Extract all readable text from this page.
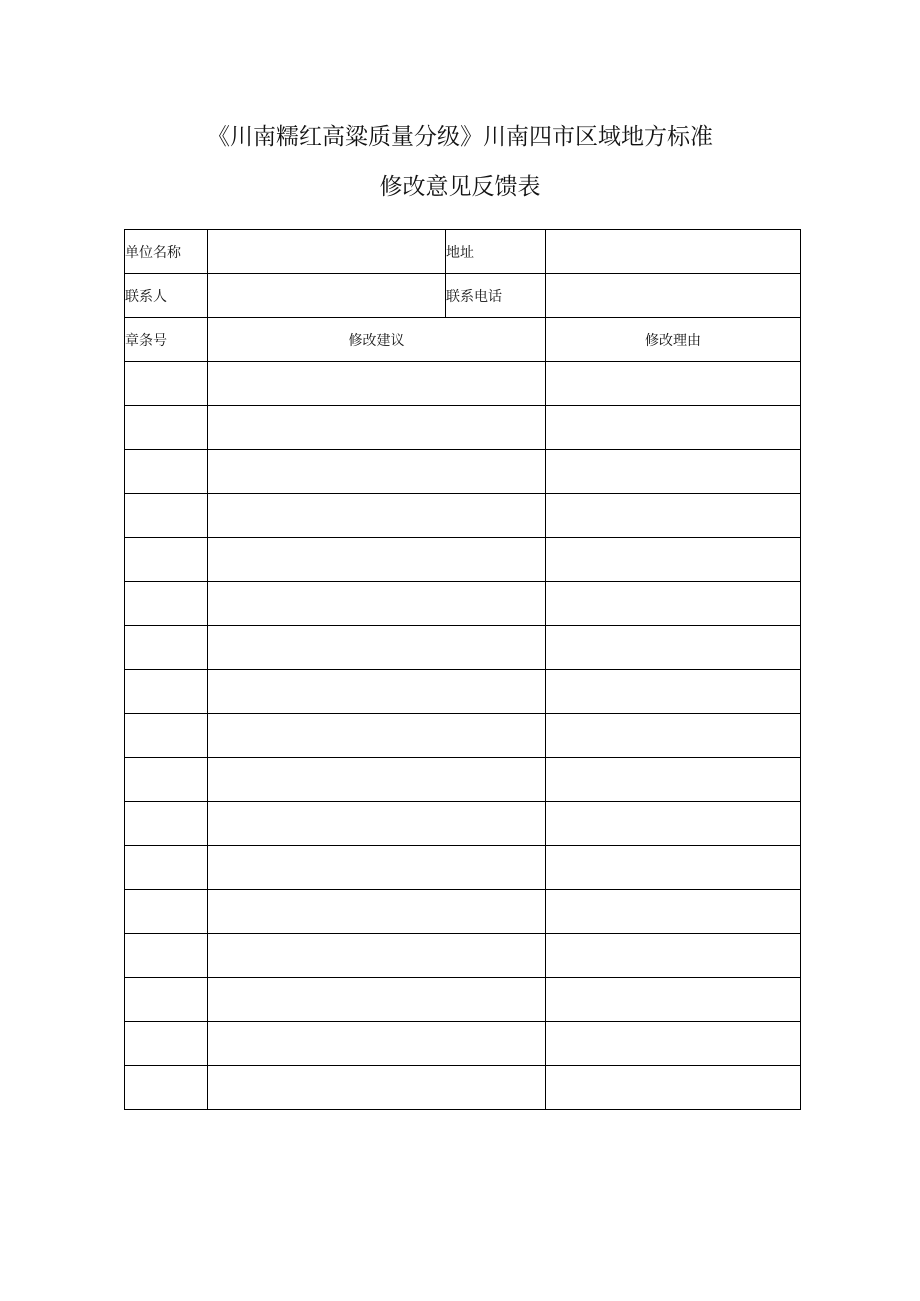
《川南糯红高粱质量分级》川南四市区域地方标准
修改意见反馈表
单位名称		地址	
联系人		联系电话	
章条号	修改建议		修改理由
